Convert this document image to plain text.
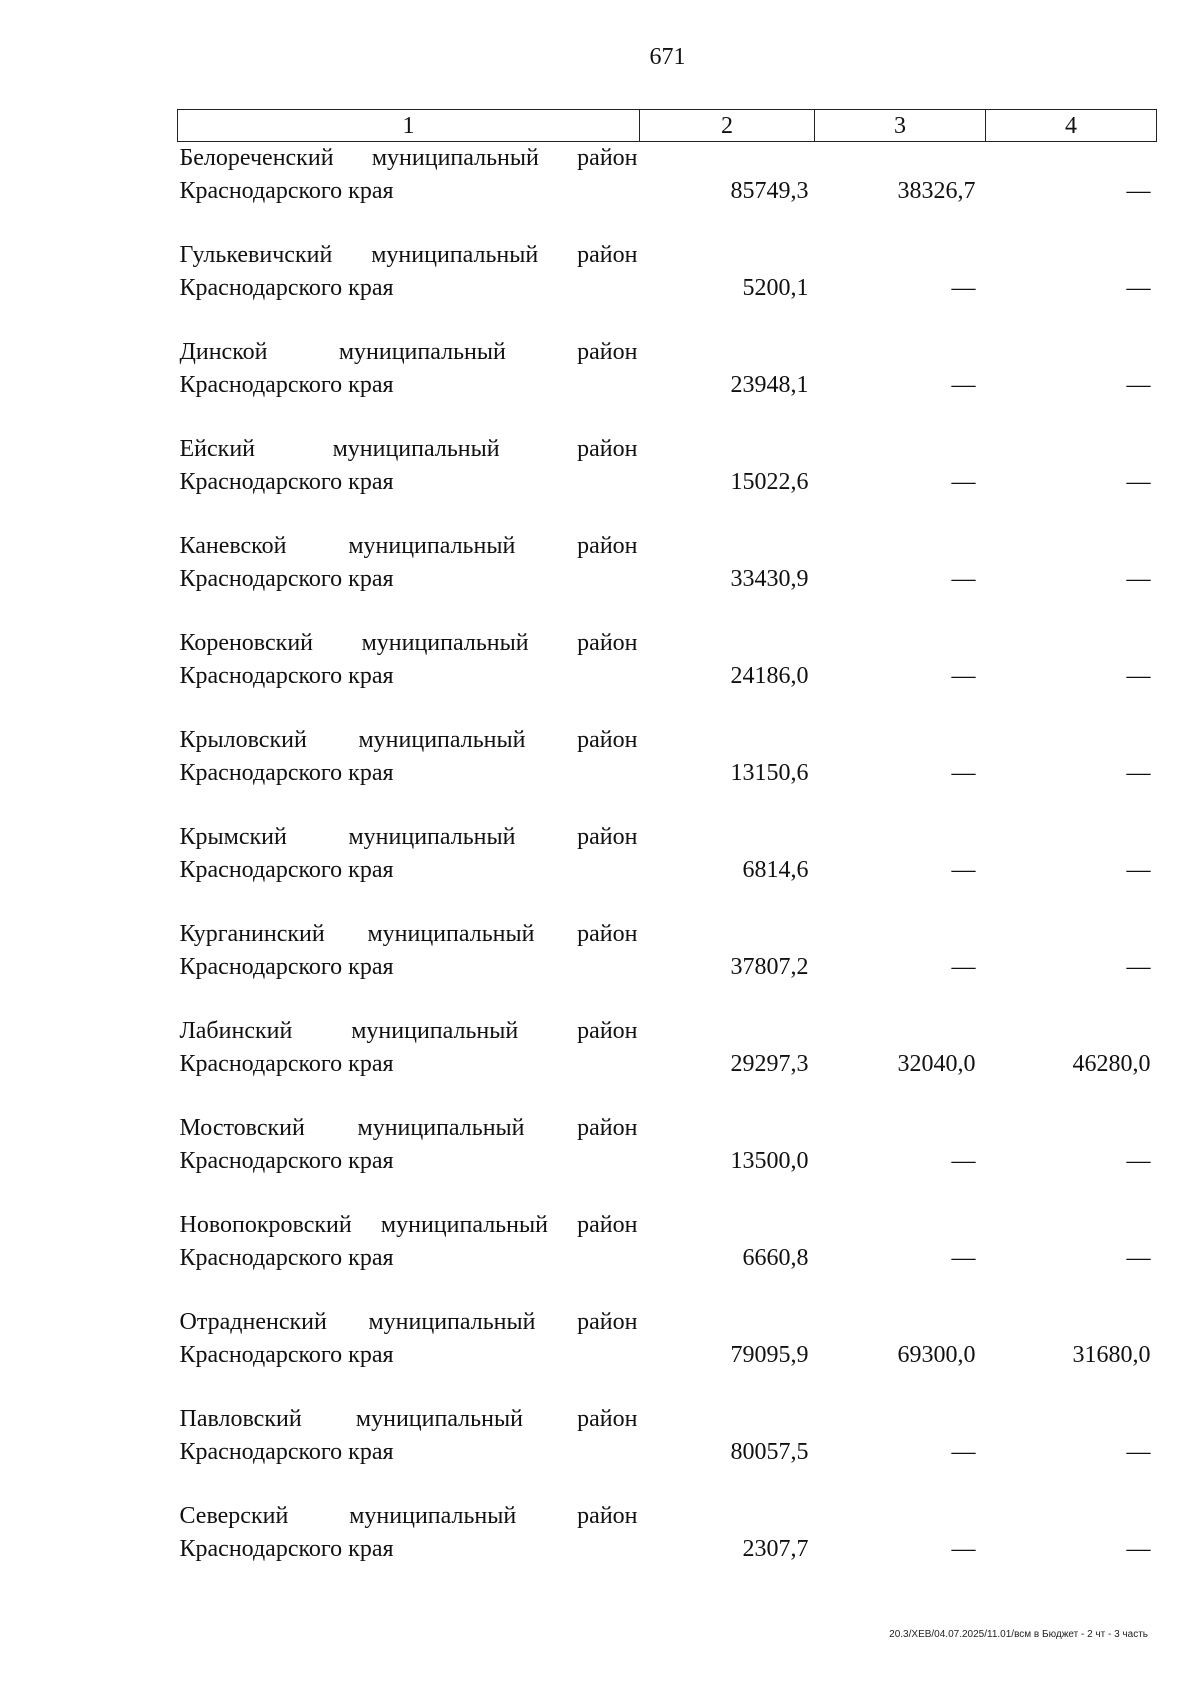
671
1	2	3	4

Белореченский муниципальный район Краснодарского края	85749,3	38326,7	—

Гулькевичский муниципальный район Краснодарского края	5200,1	—	—

Динской муниципальный район Краснодарского края	23948,1	—	—

Ейский муниципальный район Краснодарского края	15022,6	—	—

Каневской муниципальный район Краснодарского края	33430,9	—	—

Кореновский муниципальный район Краснодарского края	24186,0	—	—

Крыловский муниципальный район Краснодарского края	13150,6	—	—

Крымский муниципальный район Краснодарского края	6814,6	—	—

Курганинский муниципальный район Краснодарского края	37807,2	—	—

Лабинский муниципальный район Краснодарского края	29297,3	32040,0	46280,0

Мостовский муниципальный район Краснодарского края	13500,0	—	—

Новопокровский муниципальный район Краснодарского края	6660,8	—	—

Отрадненский муниципальный район Краснодарского края	79095,9	69300,0	31680,0

Павловский муниципальный район Краснодарского края	80057,5	—	—

Северский муниципальный район Краснодарского края	2307,7	—	—
20.3/XEB/04.07.2025/11.01/всм в Бюджет - 2 чт - 3 часть
